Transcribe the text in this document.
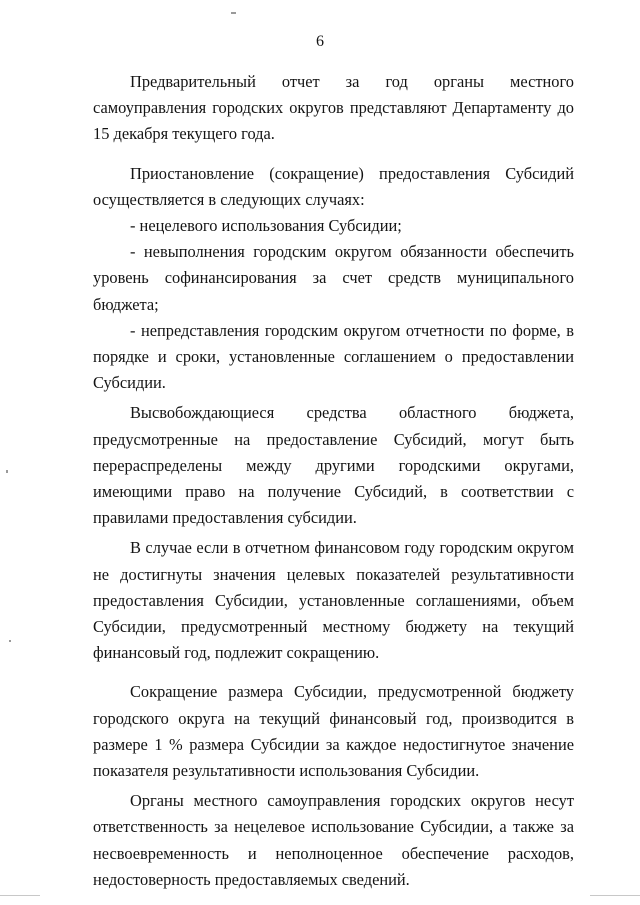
6

Предварительный отчет за год органы местного самоуправления городских округов представляют Департаменту до 15 декабря текущего года.

Приостановление (сокращение) предоставления Субсидий осуществляется в следующих случаях:

- нецелевого использования Субсидии;

- невыполнения городским округом обязанности обеспечить уровень софинансирования за счет средств муниципального бюджета;

- непредставления городским округом отчетности по форме, в порядке и сроки, установленные соглашением о предоставлении Субсидии.

Высвобождающиеся средства областного бюджета, предусмотренные на предоставление Субсидий, могут быть перераспределены между другими городскими округами, имеющими право на получение Субсидий, в соответствии с правилами предоставления субсидии.

В случае если в отчетном финансовом году городским округом не достигнуты значения целевых показателей результативности предоставления Субсидии, установленные соглашениями, объем Субсидии, предусмотренный местному бюджету на текущий финансовый год, подлежит сокращению.

Сокращение размера Субсидии, предусмотренной бюджету городского округа на текущий финансовый год, производится в размере 1 % размера Субсидии за каждое недостигнутое значение показателя результативности использования Субсидии.

Органы местного самоуправления городских округов несут ответственность за нецелевое использование Субсидии, а также за несвоевременность и неполноценное обеспечение расходов, недостоверность предоставляемых сведений.
